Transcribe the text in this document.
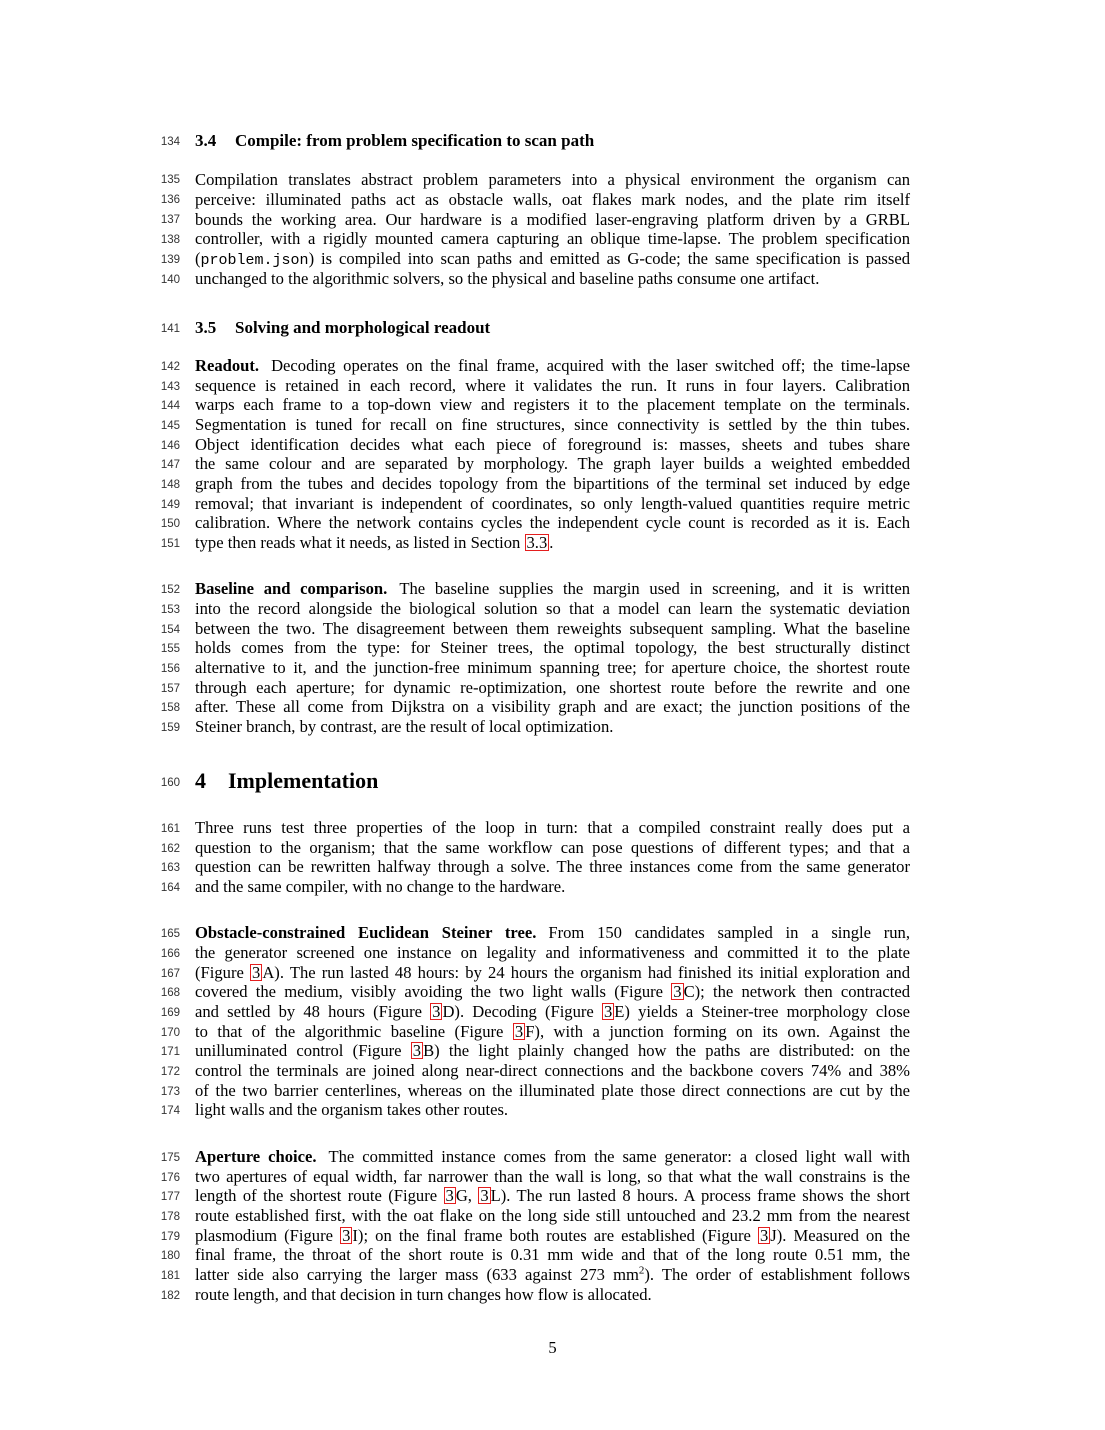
134 3.4 Compile: from problem specification to scan path
135 Compilation translates abstract problem parameters into a physical environment the organism can
136 perceive: illuminated paths act as obstacle walls, oat flakes mark nodes, and the plate rim itself
137 bounds the working area. Our hardware is a modified laser-engraving platform driven by a GRBL
138 controller, with a rigidly mounted camera capturing an oblique time-lapse. The problem specification
139 (problem.json) is compiled into scan paths and emitted as G-code; the same specification is passed
140 unchanged to the algorithmic solvers, so the physical and baseline paths consume one artifact.
141 3.5 Solving and morphological readout
142 Readout. Decoding operates on the final frame, acquired with the laser switched off; the time-lapse
143 sequence is retained in each record, where it validates the run. It runs in four layers. Calibration
144 warps each frame to a top-down view and registers it to the placement template on the terminals.
145 Segmentation is tuned for recall on fine structures, since connectivity is settled by the thin tubes.
146 Object identification decides what each piece of foreground is: masses, sheets and tubes share
147 the same colour and are separated by morphology. The graph layer builds a weighted embedded
148 graph from the tubes and decides topology from the bipartitions of the terminal set induced by edge
149 removal; that invariant is independent of coordinates, so only length-valued quantities require metric
150 calibration. Where the network contains cycles the independent cycle count is recorded as it is. Each
151 type then reads what it needs, as listed in Section 3.3 .
152 Baseline and comparison. The baseline supplies the margin used in screening, and it is written
153 into the record alongside the biological solution so that a model can learn the systematic deviation
154 between the two. The disagreement between them reweights subsequent sampling. What the baseline
155 holds comes from the type: for Steiner trees, the optimal topology, the best structurally distinct
156 alternative to it, and the junction-free minimum spanning tree; for aperture choice, the shortest route
157 through each aperture; for dynamic re-optimization, one shortest route before the rewrite and one
158 after. These all come from Dijkstra on a visibility graph and are exact; the junction positions of the
159 Steiner branch, by contrast, are the result of local optimization.
160 4 Implementation
161 Three runs test three properties of the loop in turn: that a compiled constraint really does put a
162 question to the organism; that the same workflow can pose questions of different types; and that a
163 question can be rewritten halfway through a solve. The three instances come from the same generator
164 and the same compiler, with no change to the hardware.
165 Obstacle-constrained Euclidean Steiner tree. From 150 candidates sampled in a single run,
166 the generator screened one instance on legality and informativeness and committed it to the plate
167 (Figure 3 A). The run lasted 48 hours: by 24 hours the organism had finished its initial exploration and
168 covered the medium, visibly avoiding the two light walls (Figure 3 C); the network then contracted
169 and settled by 48 hours (Figure 3 D). Decoding (Figure 3 E) yields a Steiner-tree morphology close
170 to that of the algorithmic baseline (Figure 3 F), with a junction forming on its own. Against the
171 unilluminated control (Figure 3 B) the light plainly changed how the paths are distributed: on the
172 control the terminals are joined along near-direct connections and the backbone covers 74% and 38%
173 of the two barrier centerlines, whereas on the illuminated plate those direct connections are cut by the
174 light walls and the organism takes other routes.
175 Aperture choice. The committed instance comes from the same generator: a closed light wall with
176 two apertures of equal width, far narrower than the wall is long, so that what the wall constrains is the
177 length of the shortest route (Figure 3 G, 3 L). The run lasted 8 hours. A process frame shows the short
178 route established first, with the oat flake on the long side still untouched and 23.2 mm from the nearest
179 plasmodium (Figure 3 I); on the final frame both routes are established (Figure 3 J). Measured on the
180 final frame, the throat of the short route is 0.31 mm wide and that of the long route 0.51 mm, the
181 latter side also carrying the larger mass (633 against 273 $mm^2$). The order of establishment follows
182 route length, and that decision in turn changes how flow is allocated.
5
